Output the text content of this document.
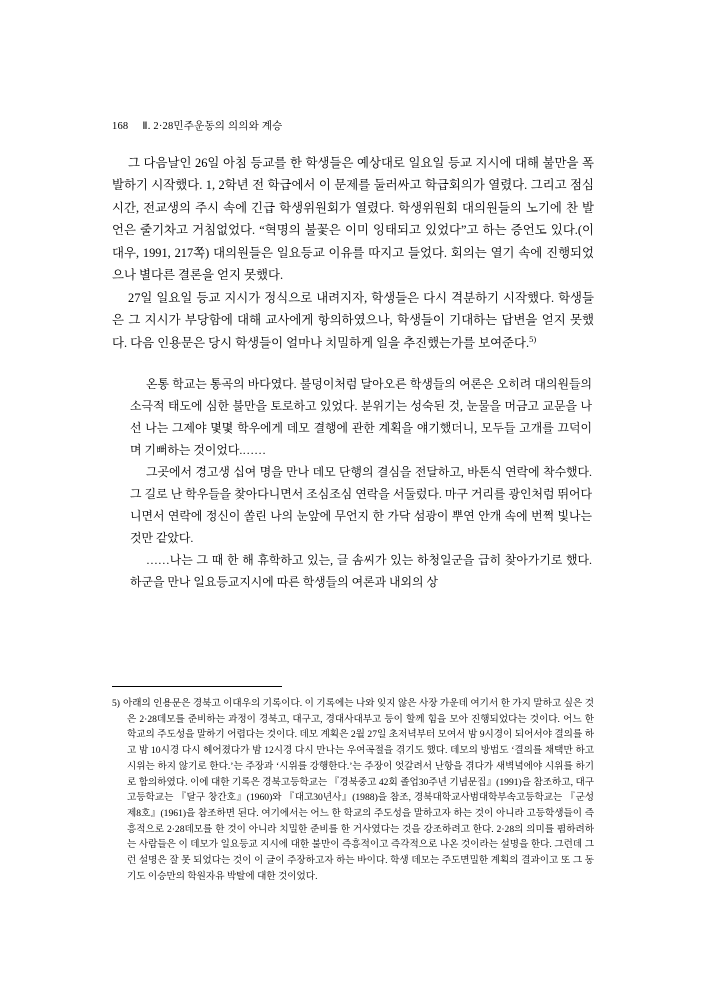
168 Ⅱ. 2·28민주운동의 의의와 계승

그 다음날인 26일 아침 등교를 한 학생들은 예상대로 일요일 등교 지시에 대해 불만을 폭발하기 시작했다. 1, 2학년 전 학급에서 이 문제를 둘러싸고 학급회의가 열렸다. 그리고 점심시간, 전교생의 주시 속에 긴급 학생위원회가 열렸다. 학생위원회 대의원들의 노기에 찬 발언은 줄기차고 거침없었다. “혁명의 불꽃은 이미 잉태되고 있었다”고 하는 증언도 있다.(이대우, 1991, 217쪽) 대의원들은 일요등교 이유를 따지고 들었다. 회의는 열기 속에 진행되었으나 별다른 결론을 얻지 못했다.

27일 일요일 등교 지시가 정식으로 내려지자, 학생들은 다시 격분하기 시작했다. 학생들은 그 지시가 부당함에 대해 교사에게 항의하였으나, 학생들이 기대하는 답변을 얻지 못했다. 다음 인용문은 당시 학생들이 얼마나 치밀하게 일을 추진했는가를 보여준다.$^{5)}$

온통 학교는 통곡의 바다였다. 불덩이처럼 달아오른 학생들의 여론은 오히려 대의원들의 소극적 태도에 심한 불만을 토로하고 있었다. 분위기는 성숙된 것, 눈물을 머금고 교문을 나선 나는 그제야 몇몇 학우에게 데모 결행에 관한 계획을 얘기했더니, 모두들 고개를 끄덕이며 기뻐하는 것이었다.……

그곳에서 경고생 십여 명을 만나 데모 단행의 결심을 전달하고, 바톤식 연락에 착수했다. 그 길로 난 학우들을 찾아다니면서 조심조심 연락을 서둘렀다. 마구 거리를 광인처럼 뛰어다니면서 연락에 정신이 쏠린 나의 눈앞에 무언지 한 가닥 섬광이 뿌연 안개 속에 번쩍 빛나는 것만 같았다.

……나는 그 때 한 해 휴학하고 있는, 글 솜씨가 있는 하청일군을 급히 찾아가기로 했다. 하군을 만나 일요등교지시에 따른 학생들의 여론과 내외의 상

5) 아래의 인용문은 경북고 이대우의 기록이다. 이 기록에는 나와 잊지 않은 사장 가운데 여기서 한 가지 말하고 싶은 것은 2·28데모를 준비하는 과정이 경북고, 대구고, 경대사대부고 등이 할께 힘을 모아 진행되었다는 것이다. 어느 한 학교의 주도성을 말하기 어렵다는 것이다. 데모 계획은 2월 27일 초저녁부터 모여서 밤 9시경이 되어서야 결의를 하고 밤 10시경 다시 헤어졌다가 밤 12시경 다시 만나는 우여곡절을 겪기도 했다. 데모의 방법도 ‘결의를 채택만 하고 시위는 하지 않기로 한다.’는 주장과 ‘시위를 강행한다.’는 주장이 엇갈려서 난항을 겪다가 새벽녘에야 시위를 하기로 합의하였다. 이에 대한 기록은 경북고등학교는 『경북중고 42회 졸업30주년 기념문집』(1991)을 참조하고, 대구고등학교는 『달구 창간호』(1960)와 『대고30년사』(1988)을 참조, 경북대학교사범대학부속고등학교는 『군성 제8호』(1961)을 참조하면 된다. 여기에서는 어느 한 학교의 주도성을 말하고자 하는 것이 아니라 고등학생들이 즉흥적으로 2·28데모를 한 것이 아니라 치밀한 준비를 한 거사였다는 것을 강조하려고 한다. 2·28의 의미를 폄하려하는 사람들은 이 데모가 일요등교 지시에 대한 불만이 즉흥적이고 즉각적으로 나온 것이라는 설명을 한다. 그런데 그런 설명은 잘 못 되었다는 것이 이 글이 주장하고자 하는 바이다. 학생 데모는 주도면밀한 계획의 결과이고 또 그 동기도 이승만의 학원자유 박탈에 대한 것이었다.
